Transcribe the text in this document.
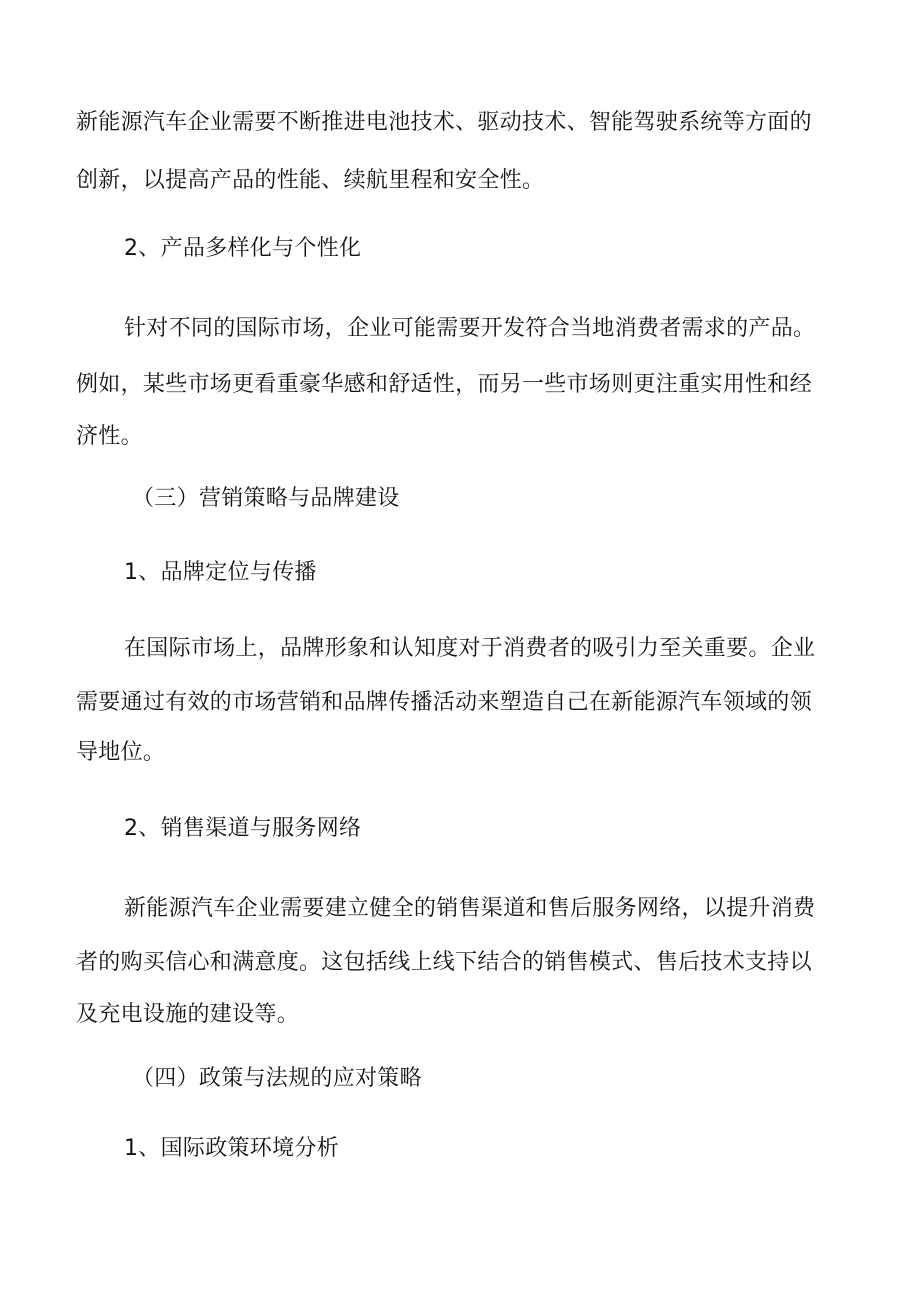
新能源汽车企业需要不断推进电池技术、驱动技术、智能驾驶系统等方面的
创新，以提高产品的性能、续航里程和安全性。
2、产品多样化与个性化
针对不同的国际市场，企业可能需要开发符合当地消费者需求的产品。
例如，某些市场更看重豪华感和舒适性，而另一些市场则更注重实用性和经
济性。
（三）营销策略与品牌建设
1、品牌定位与传播
在国际市场上，品牌形象和认知度对于消费者的吸引力至关重要。企业
需要通过有效的市场营销和品牌传播活动来塑造自己在新能源汽车领域的领
导地位。
2、销售渠道与服务网络
新能源汽车企业需要建立健全的销售渠道和售后服务网络，以提升消费
者的购买信心和满意度。这包括线上线下结合的销售模式、售后技术支持以
及充电设施的建设等。
（四）政策与法规的应对策略
1、国际政策环境分析
